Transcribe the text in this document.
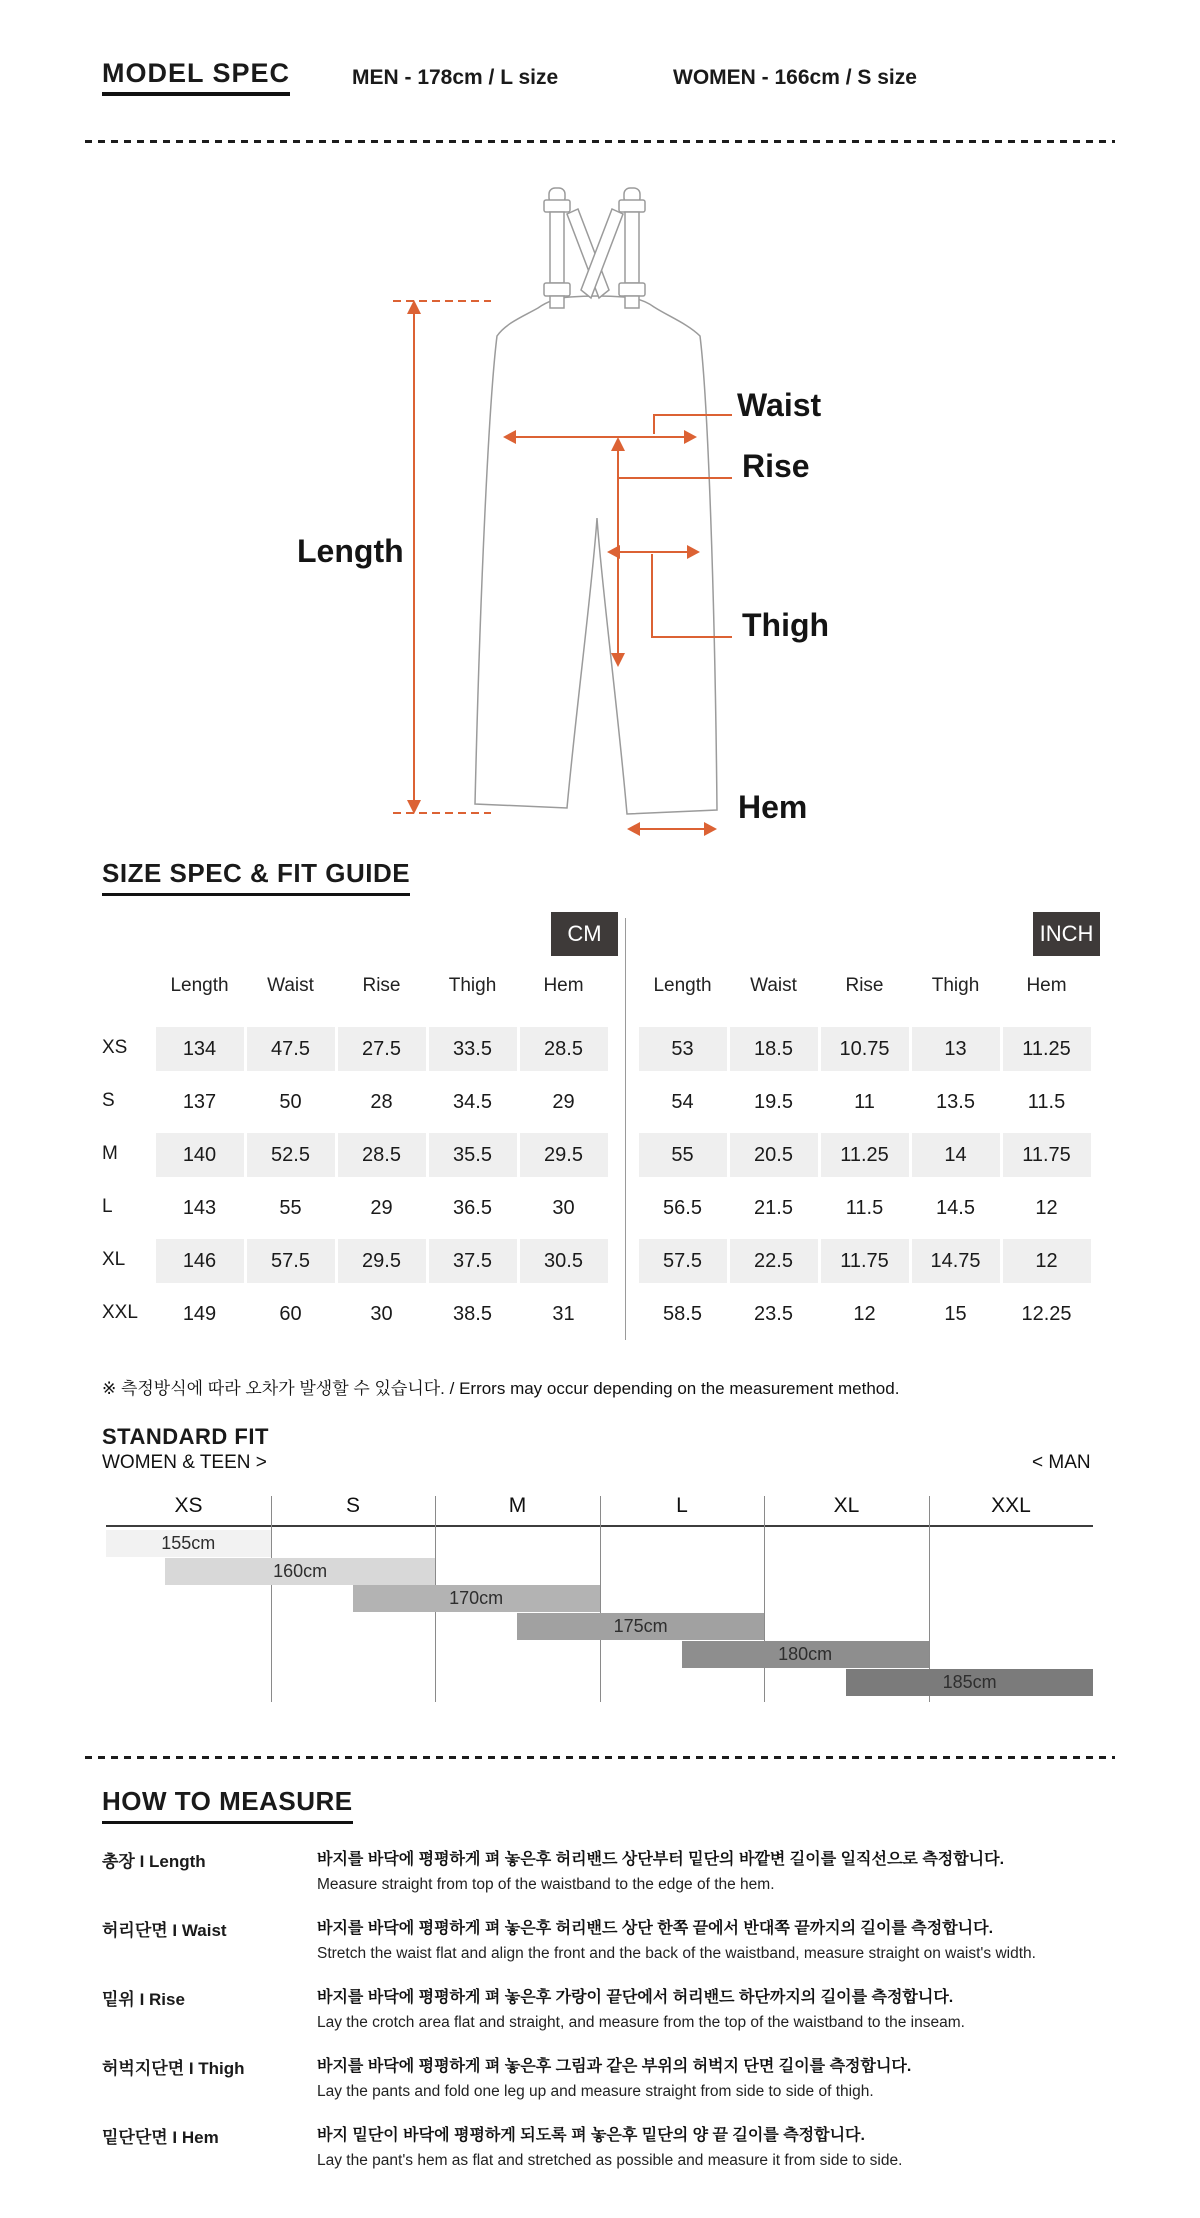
MODEL SPEC	MEN - 178cm / L size	WOMEN - 166cm / S size
Length
Waist
Rise
Thigh
Hem
SIZE SPEC & FIT GUIDE
CM	INCH
Length	Waist	Rise	Thigh	Hem
XS	134	47.5	27.5	33.5	28.5
S	137	50	28	34.5	29
M	140	52.5	28.5	35.5	29.5
L	143	55	29	36.5	30
XL	146	57.5	29.5	37.5	30.5
XXL	149	60	30	38.5	31
Length	Waist	Rise	Thigh	Hem
53	18.5	10.75	13	11.25
54	19.5	11	13.5	11.5
55	20.5	11.25	14	11.75
56.5	21.5	11.5	14.5	12
57.5	22.5	11.75	14.75	12
58.5	23.5	12	15	12.25
※ 측정방식에 따라 오차가 발생할 수 있습니다. / Errors may occur depending on the measurement method.
STANDARD FIT
WOMEN & TEEN >	< MAN
XS	S	M	L	XL	XXL
155cm
160cm
170cm
175cm
180cm
185cm
HOW TO MEASURE
총장 I Length	바지를 바닥에 평평하게 펴 놓은후 허리밴드 상단부터 밑단의 바깥변 길이를 일직선으로 측정합니다.
Measure straight from top of the waistband to the edge of the hem.
허리단면 I Waist	바지를 바닥에 평평하게 펴 놓은후 허리밴드 상단 한쪽 끝에서 반대쪽 끝까지의 길이를 측정합니다.
Stretch the waist flat and align the front and the back of the waistband, measure straight on waist's width.
밑위 I Rise	바지를 바닥에 평평하게 펴 놓은후 가랑이 끝단에서 허리밴드 하단까지의 길이를 측정합니다.
Lay the crotch area flat and straight, and measure from the top of the waistband to the inseam.
허벅지단면 I Thigh	바지를 바닥에 평평하게 펴 놓은후 그림과 같은 부위의 허벅지 단면 길이를 측정합니다.
Lay the pants and fold one leg up and measure straight from side to side of thigh.
밑단단면 I Hem	바지 밑단이 바닥에 평평하게 되도록 펴 놓은후 밑단의 양 끝 길이를 측정합니다.
Lay the pant's hem as flat and stretched as possible and measure it from side to side.
